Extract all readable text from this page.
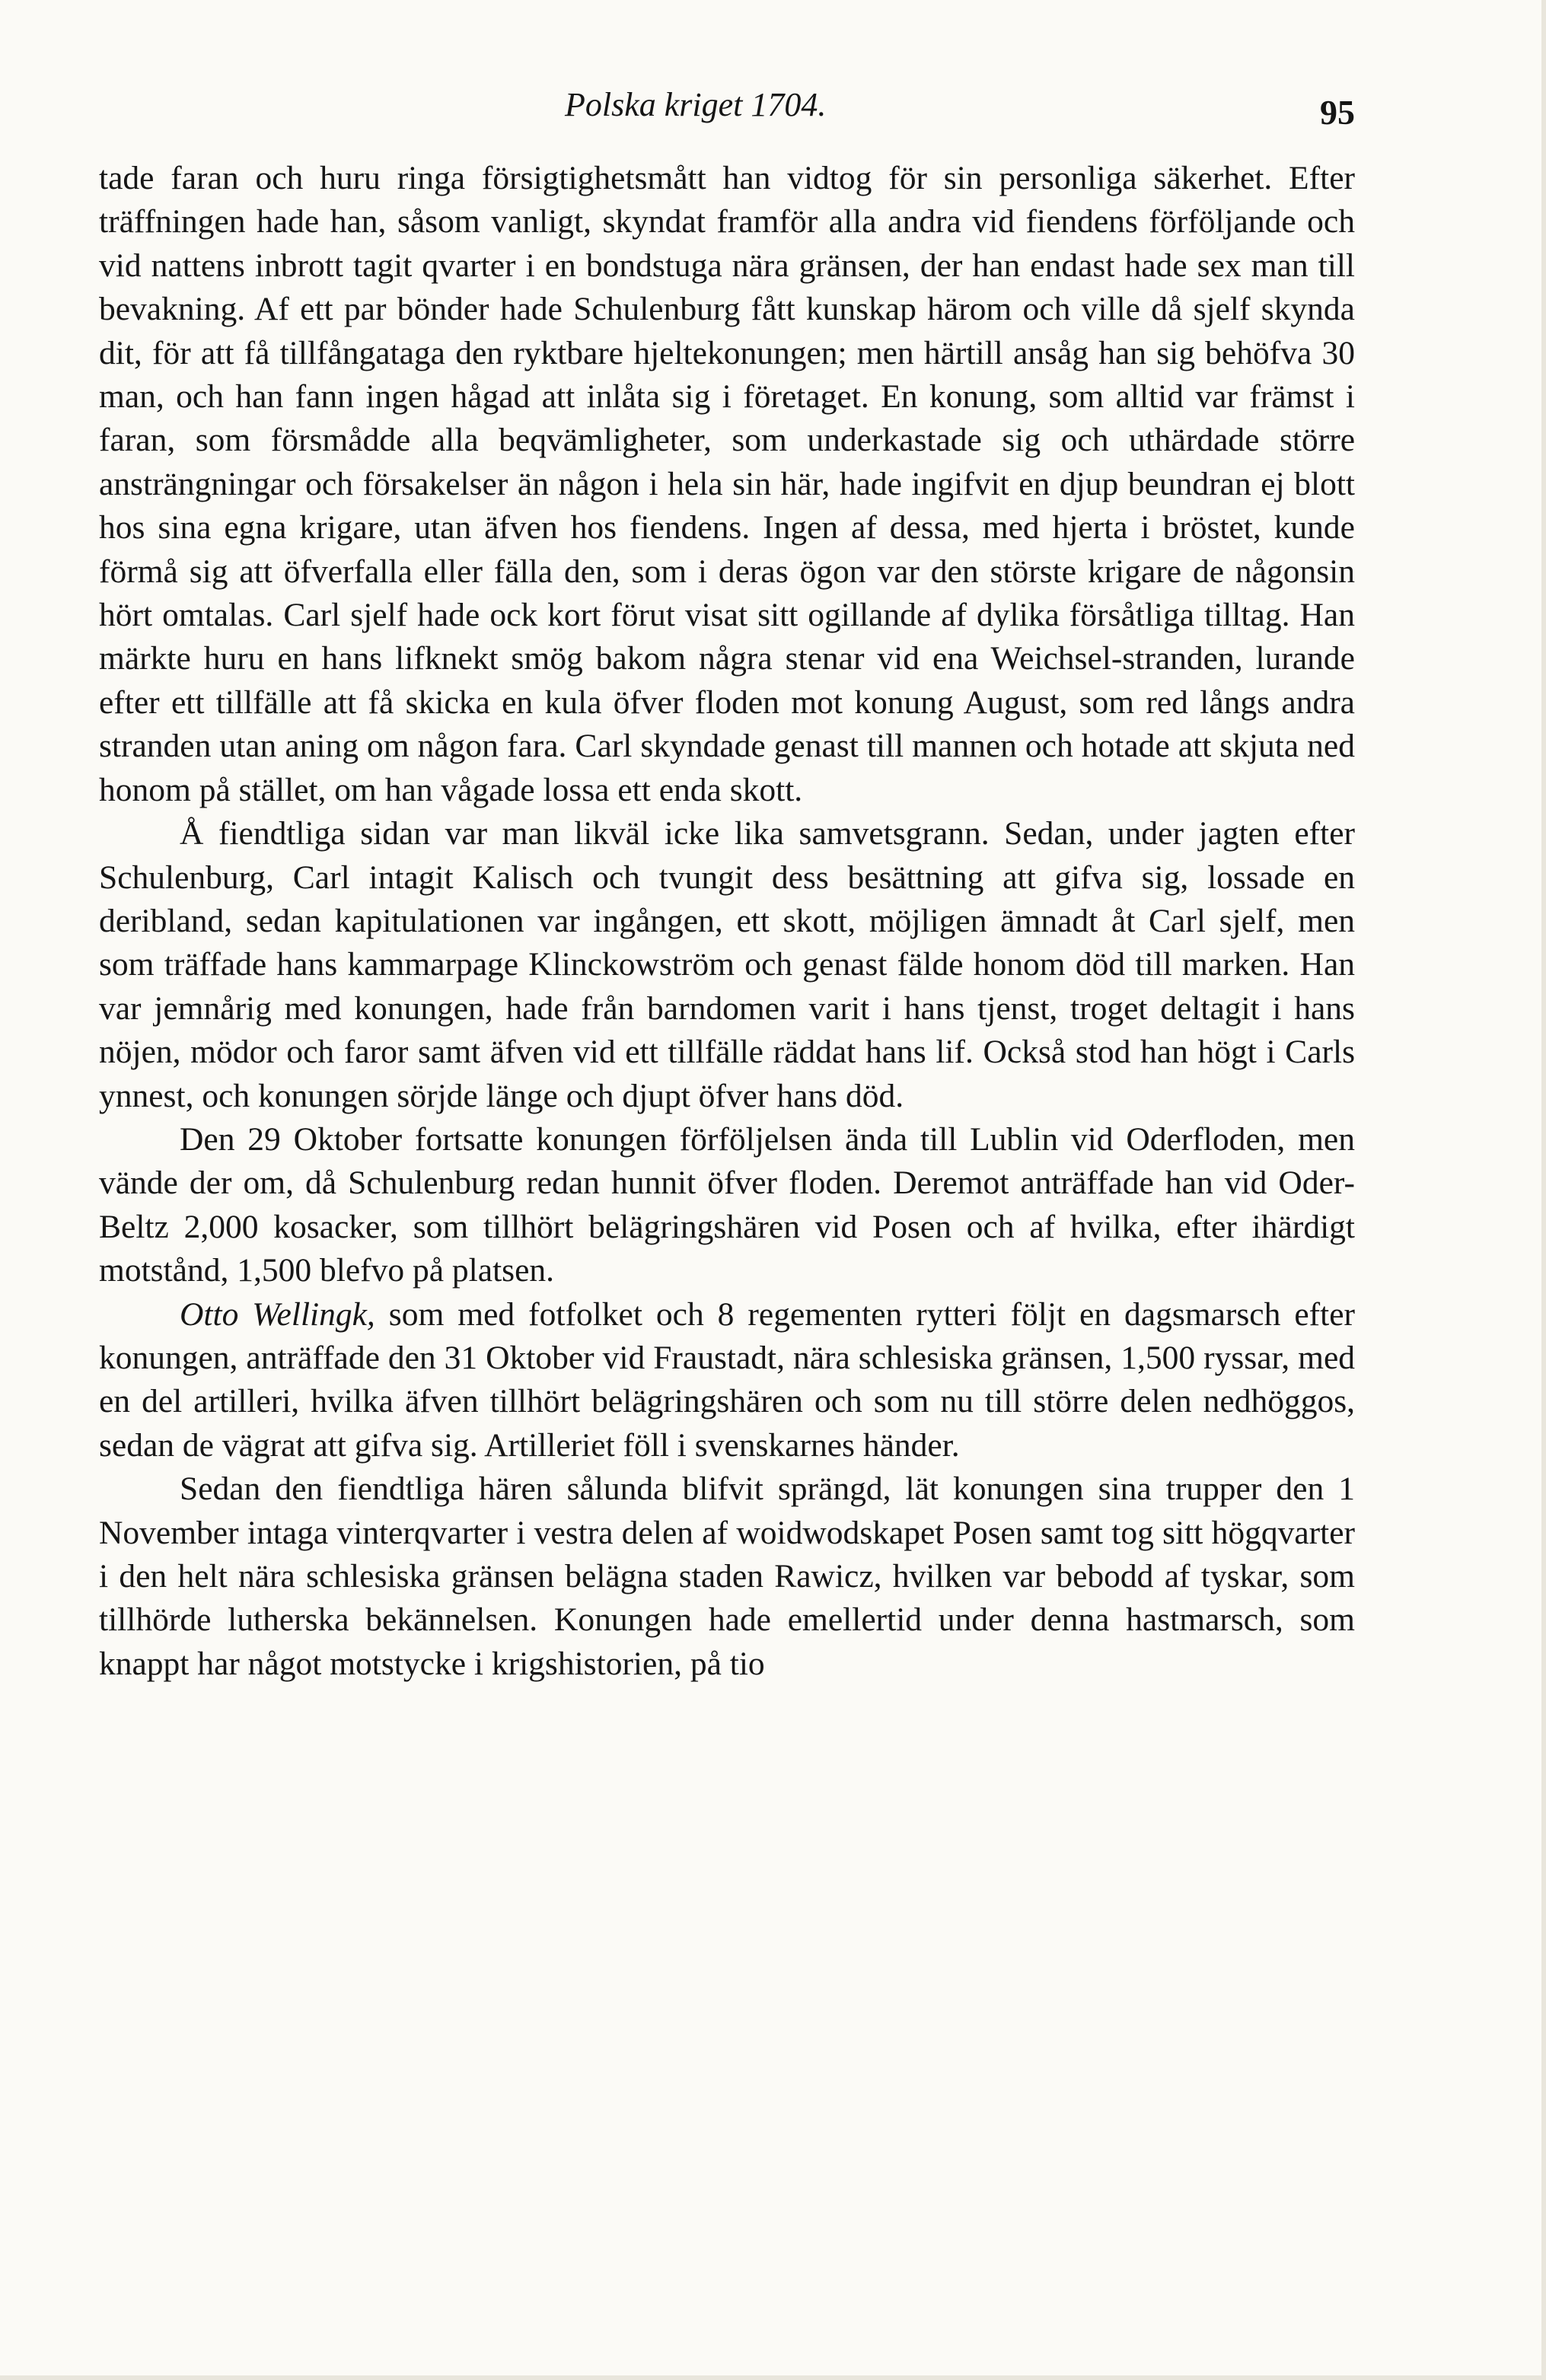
Polska kriget 1704.	95

tade faran och huru ringa försigtighetsmått han vidtog för sin personliga säkerhet. Efter träffningen hade han, såsom vanligt, skyndat framför alla andra vid fiendens förföljande och vid nattens inbrott tagit qvarter i en bondstuga nära gränsen, der han endast hade sex man till bevakning. Af ett par bönder hade Schulenburg fått kunskap härom och ville då sjelf skynda dit, för att få tillfångatagа den ryktbare hjeltekonungen; men härtill ansåg han sig behöfva 30 man, och han fann ingen hågad att inlåta sig i företaget. En konung, som alltid var främst i faran, som försmådde alla beqvämligheter, som underkastade sig och uthärdade större ansträngningar och försakelser än någon i hela sin här, hade ingifvit en djup beundran ej blott hos sina egna krigare, utan äfven hos fiendens. Ingen af dessa, med hjerta i bröstet, kunde förmå sig att öfverfalla eller fälla den, som i deras ögon var den störste krigare de någonsin hört omtalas. Carl sjelf hade ock kort förut visat sitt ogillande af dylika försåtliga tilltag. Han märkte huru en hans lifknekt smög bakom några stenar vid ena Weichsel-stranden, lurande efter ett tillfälle att få skicka en kula öfver floden mot konung August, som red långs andra stranden utan aning om någon fara. Carl skyndade genast till mannen och hotade att skjuta ned honom på stället, om han vågade lossa ett enda skott.

Å fiendtliga sidan var man likväl icke lika samvetsgrann. Sedan, under jagten efter Schulenburg, Carl intagit Kalisch och tvungit dess besättning att gifva sig, lossade en deribland, sedan kapitulationen var ingången, ett skott, möjligen ämnadt åt Carl sjelf, men som träffade hans kammarpage Klinckowström och genast fälde honom död till marken. Han var jemnårig med konungen, hade från barndomen varit i hans tjenst, troget deltagit i hans nöjen, mödor och faror samt äfven vid ett tillfälle räddat hans lif. Också stod han högt i Carls ynnest, och konungen sörjde länge och djupt öfver hans död.

Den 29 Oktober fortsatte konungen förföljelsen ända till Lublin vid Oderfloden, men vände der om, då Schulenburg redan hunnit öfver floden. Deremot anträffade han vid Oder-Beltz 2,000 kosacker, som tillhört belägringshären vid Posen och af hvilka, efter ihärdigt motstånd, 1,500 blefvo på platsen.

Otto Wellingk, som med fotfolket och 8 regementen rytteri följt en dagsmarsch efter konungen, anträffade den 31 Oktober vid Fraustadt, nära schlesiska gränsen, 1,500 ryssar, med en del artilleri, hvilka äfven tillhört belägringshären och som nu till större delen nedhöggos, sedan de vägrat att gifva sig. Artilleriet föll i svenskarnes händer.

Sedan den fiendtliga hären sålunda blifvit sprängd, lät konungen sina trupper den 1 November intaga vinterqvarter i vestra delen af woidwodskapet Posen samt tog sitt högqvarter i den helt nära schlesiska gränsen belägna staden Rawicz, hvilken var bebodd af tyskar, som tillhörde lutherska bekännelsen. Konungen hade emellertid under denna hastmarsch, som knappt har något motstycke i krigshistorien, på tio
